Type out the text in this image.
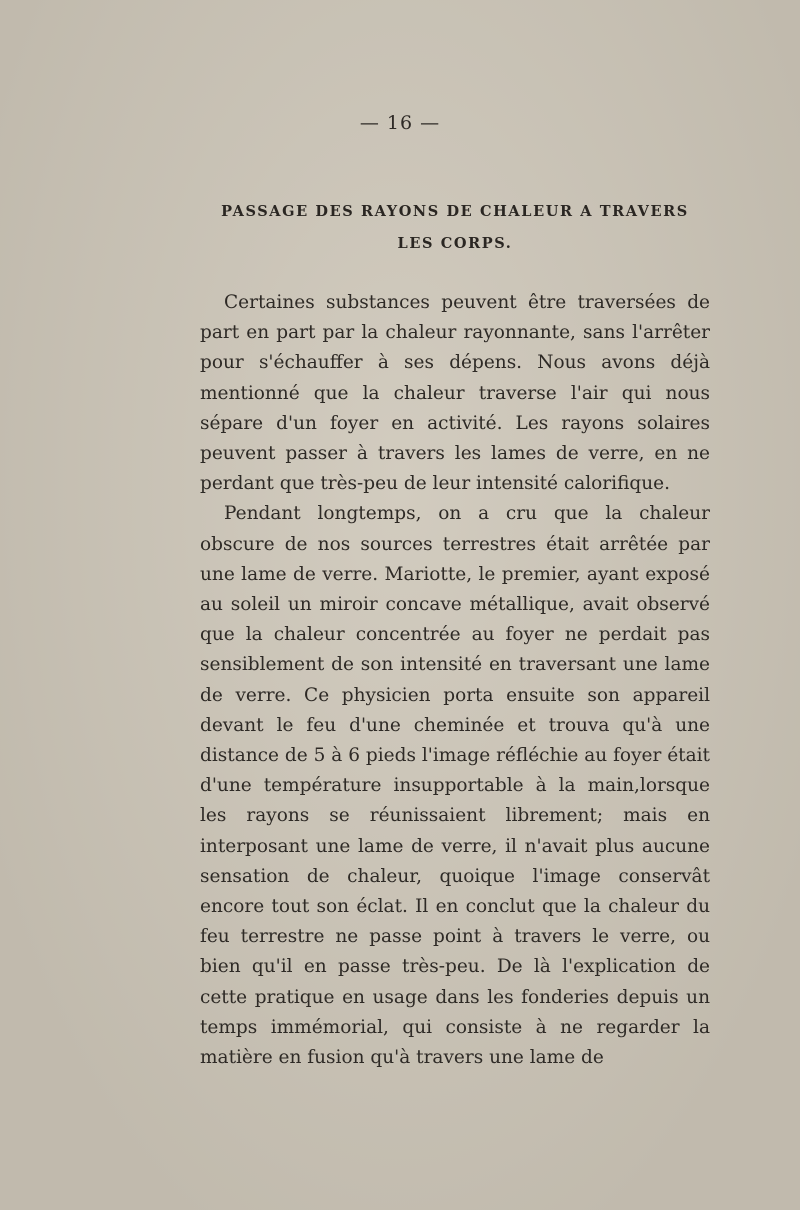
— 16 —

PASSAGE DES RAYONS DE CHALEUR A TRAVERS LES CORPS.

Certaines substances peuvent être traversées de part en part par la chaleur rayonnante, sans l'arrêter pour s'échauffer à ses dépens. Nous avons déjà mentionné que la chaleur traverse l'air qui nous sépare d'un foyer en activité. Les rayons solaires peuvent passer à travers les lames de verre, en ne perdant que très-peu de leur intensité calorifique.

Pendant longtemps, on a cru que la chaleur obscure de nos sources terrestres était arrêtée par une lame de verre. Mariotte, le premier, ayant exposé au soleil un miroir concave métallique, avait observé que la chaleur concentrée au foyer ne perdait pas sensiblement de son intensité en traversant une lame de verre. Ce physicien porta ensuite son appareil devant le feu d'une cheminée et trouva qu'à une distance de 5 à 6 pieds l'image réfléchie au foyer était d'une température insupportable à la main,lorsque les rayons se réunissaient librement; mais en interposant une lame de verre, il n'avait plus aucune sensation de chaleur, quoique l'image conservât encore tout son éclat. Il en conclut que la chaleur du feu terrestre ne passe point à travers le verre, ou bien qu'il en passe très-peu. De là l'explication de cette pratique en usage dans les fonderies depuis un temps immémorial, qui consiste à ne regarder la matière en fusion qu'à travers une lame de
